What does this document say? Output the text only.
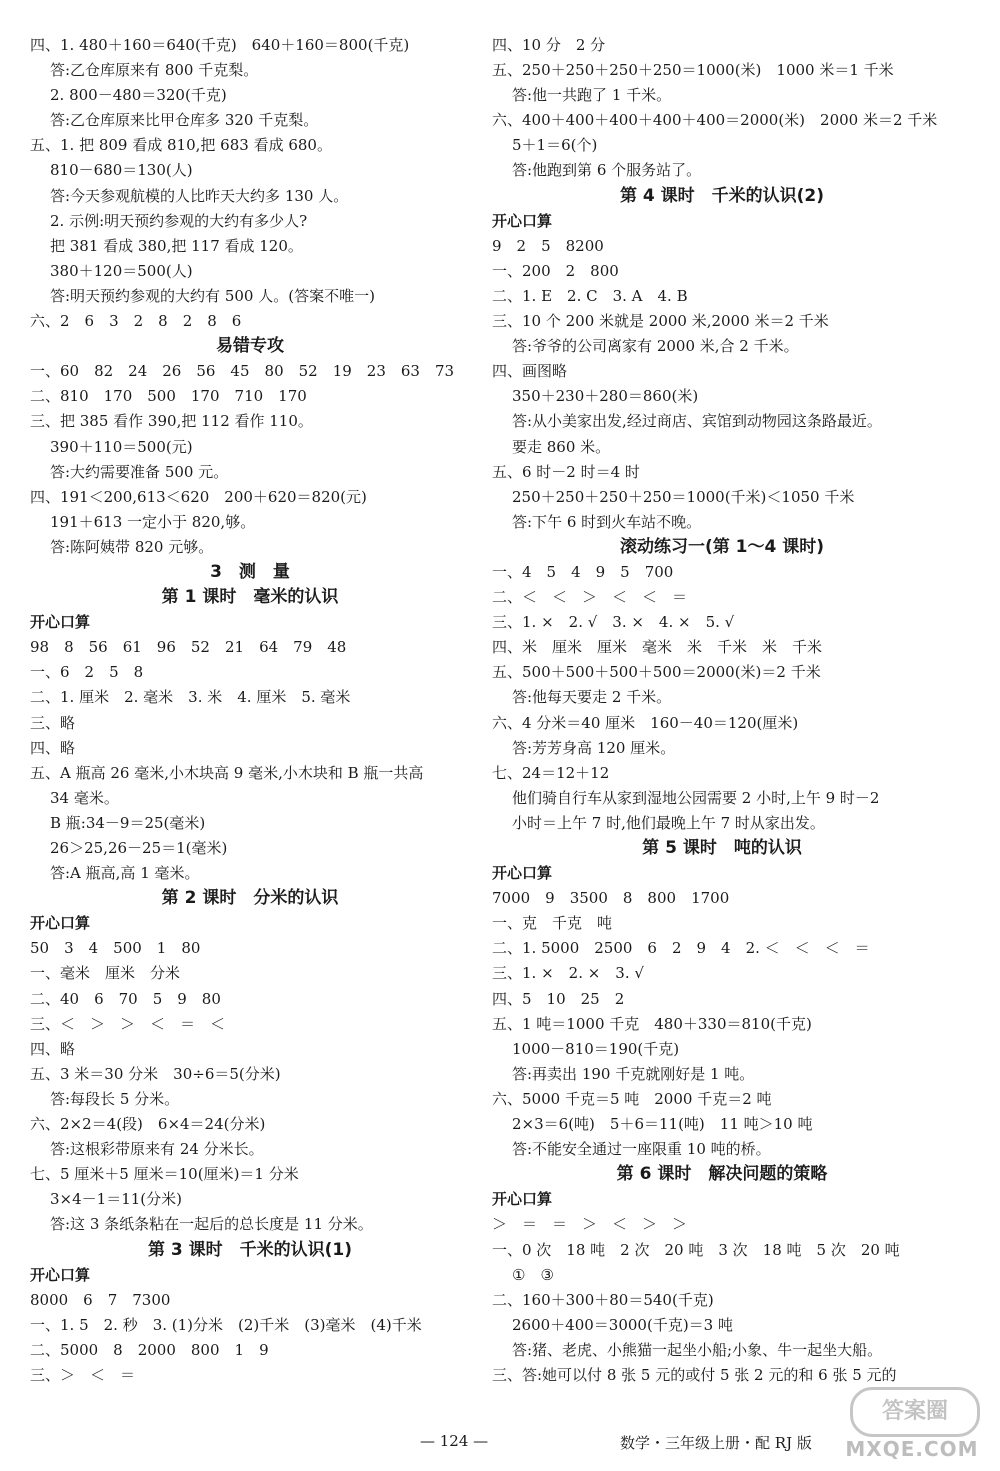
四、1. 480＋160＝640(千克)　640＋160＝800(千克)
答:乙仓库原来有 800 千克梨。
2. 800－480＝320(千克)
答:乙仓库原来比甲仓库多 320 千克梨。
五、1. 把 809 看成 810,把 683 看成 680。
810－680＝130(人)
答:今天参观航模的人比昨天大约多 130 人。
2. 示例:明天预约参观的大约有多少人?
把 381 看成 380,把 117 看成 120。
380＋120＝500(人)
答:明天预约参观的大约有 500 人。(答案不唯一)
六、2　6　3　2　8　2　8　6
易错专攻
一、60　82　24　26　56　45　80　52　19　23　63　73
二、810　170　500　170　710　170
三、把 385 看作 390,把 112 看作 110。
390＋110＝500(元)
答:大约需要准备 500 元。
四、191＜200,613＜620　200＋620＝820(元)
191＋613 一定小于 820,够。
答:陈阿姨带 820 元够。
3　测　量
第 1 课时　毫米的认识
开心口算
98　8　56　61　96　52　21　64　79　48
一、6　2　5　8
二、1. 厘米　2. 毫米　3. 米　4. 厘米　5. 毫米
三、略
四、略
五、A 瓶高 26 毫米,小木块高 9 毫米,小木块和 B 瓶一共高
34 毫米。
B 瓶:34－9＝25(毫米)
26＞25,26－25＝1(毫米)
答:A 瓶高,高 1 毫米。
第 2 课时　分米的认识
开心口算
50　3　4　500　1　80
一、毫米　厘米　分米
二、40　6　70　5　9　80
三、＜　＞　＞　＜　＝　＜
四、略
五、3 米＝30 分米　30÷6＝5(分米)
答:每段长 5 分米。
六、2×2＝4(段)　6×4＝24(分米)
答:这根彩带原来有 24 分米长。
七、5 厘米＋5 厘米＝10(厘米)＝1 分米
3×4－1＝11(分米)
答:这 3 条纸条粘在一起后的总长度是 11 分米。
第 3 课时　千米的认识(1)
开心口算
8000　6　7　7300
一、1. 5　2. 秒　3. (1)分米　(2)千米　(3)毫米　(4)千米
二、5000　8　2000　800　1　9
三、＞　＜　＝
四、10 分　2 分
五、250＋250＋250＋250＝1000(米)　1000 米＝1 千米
答:他一共跑了 1 千米。
六、400＋400＋400＋400＋400＝2000(米)　2000 米＝2 千米
5＋1＝6(个)
答:他跑到第 6 个服务站了。
第 4 课时　千米的认识(2)
开心口算
9　2　5　8200
一、200　2　800
二、1. E　2. C　3. A　4. B
三、10 个 200 米就是 2000 米,2000 米＝2 千米
答:爷爷的公司离家有 2000 米,合 2 千米。
四、画图略
350＋230＋280＝860(米)
答:从小美家出发,经过商店、宾馆到动物园这条路最近。
要走 860 米。
五、6 时－2 时＝4 时
250＋250＋250＋250＝1000(千米)＜1050 千米
答:下午 6 时到火车站不晚。
滚动练习一(第 1～4 课时)
一、4　5　4　9　5　700
二、＜　＜　＞　＜　＜　＝
三、1. ×　2. √　3. ×　4. ×　5. √
四、米　厘米　厘米　毫米　米　千米　米　千米
五、500＋500＋500＋500＝2000(米)＝2 千米
答:他每天要走 2 千米。
六、4 分米＝40 厘米　160－40＝120(厘米)
答:芳芳身高 120 厘米。
七、24＝12＋12
他们骑自行车从家到湿地公园需要 2 小时,上午 9 时－2
小时＝上午 7 时,他们最晚上午 7 时从家出发。
第 5 课时　吨的认识
开心口算
7000　9　3500　8　800　1700
一、克　千克　吨
二、1. 5000　2500　6　2　9　4　2. ＜　＜　＜　＝
三、1. ×　2. ×　3. √
四、5　10　25　2
五、1 吨＝1000 千克　480＋330＝810(千克)
1000－810＝190(千克)
答:再卖出 190 千克就刚好是 1 吨。
六、5000 千克＝5 吨　2000 千克＝2 吨
2×3＝6(吨)　5＋6＝11(吨)　11 吨＞10 吨
答:不能安全通过一座限重 10 吨的桥。
第 6 课时　解决问题的策略
开心口算
＞　＝　＝　＞　＜　＞　＞
一、0 次　18 吨　2 次　20 吨　3 次　18 吨　5 次　20 吨
①　③
二、160＋300＋80＝540(千克)
2600＋400＝3000(千克)＝3 吨
答:猪、老虎、小熊猫一起坐小船;小象、牛一起坐大船。
三、答:她可以付 8 张 5 元的或付 5 张 2 元的和 6 张 5 元的
— 124 —	数学・三年级上册・配 RJ 版
答案圈
MXQE.COM
